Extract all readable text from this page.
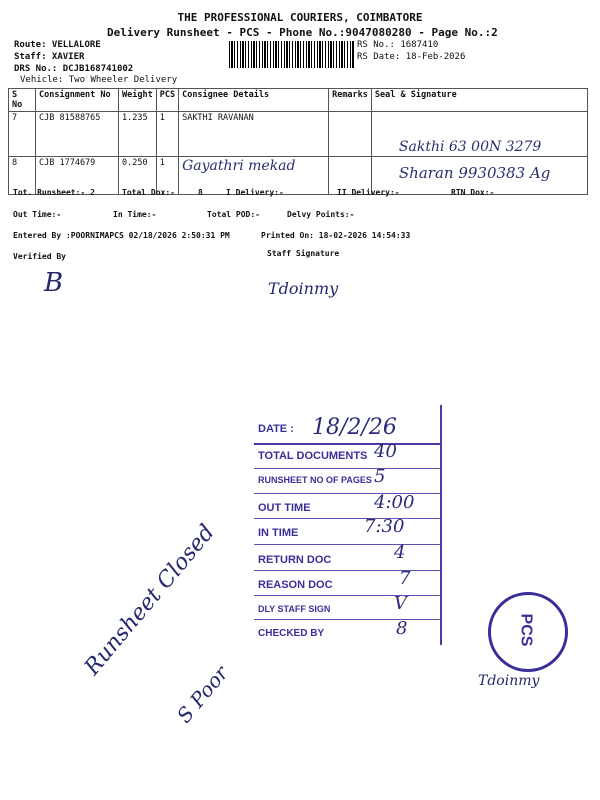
THE PROFESSIONAL COURIERS, COIMBATORE
Delivery Runsheet - PCS - Phone No.:9047080280 - Page No.:2
Route: VELLALORE
Staff: XAVIER
DRS No.: DCJB168741002
Vehicle: Two Wheeler Delivery
RS No.: 1687410
RS Date: 18-Feb-2026
S No	Consignment No	Weight	PCS	Consignee Details	Remarks	Seal & Signature
7	CJB 81588765	1.235	1	SAKTHI RAVANAN		Sakthi 63 00N 3279

8	CJB 1774679	0.250	1	Gayathri mekad		Sharan 9930383 Ag
Tot. Runsheet:- 2	Total Dox:-	8	I Delivery:-	II Delivery:-	RTN Dox:-
Out Time:-	In Time:-	Total POD:-	Delvy Points:-
Entered By :POORNIMAPCS 02/18/2026 2:50:31 PM	Printed On: 18-02-2026 14:54:33
Verified By	Staff Signature
B	Tdoinmy
DATE : 18/2/26
TOTAL DOCUMENTS 40
RUNSHEET NO OF PAGES 5
OUT TIME	4:00
IN TIME	7:30
RETURN DOC	4
REASON DOC	7
DLY STAFF SIGN	V
CHECKED BY	8	PCS
Runsheet Closed
S Poor	Tdoinmy
